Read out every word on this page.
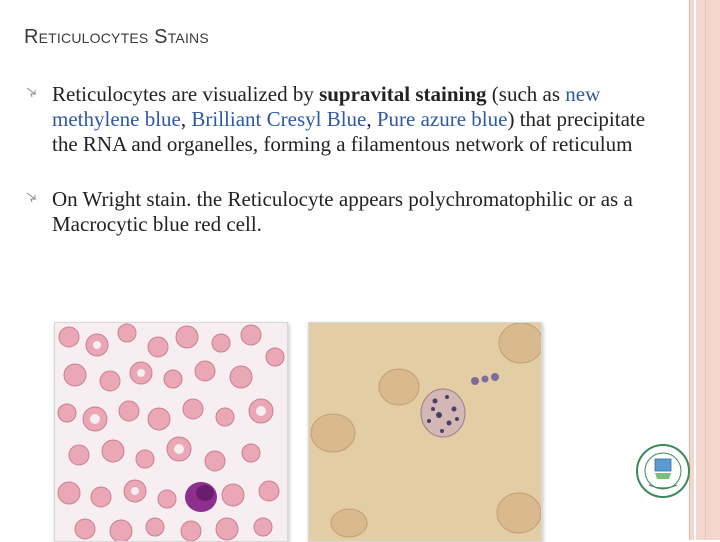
Reticulocytes Stains
Reticulocytes are visualized by supravital staining (such as new methylene blue, Brilliant Cresyl Blue, Pure azure blue) that precipitate the RNA and organelles, forming a filamentous network of reticulum
On Wright stain. the Reticulocyte appears polychromatophilic or as a Macrocytic blue red cell.
